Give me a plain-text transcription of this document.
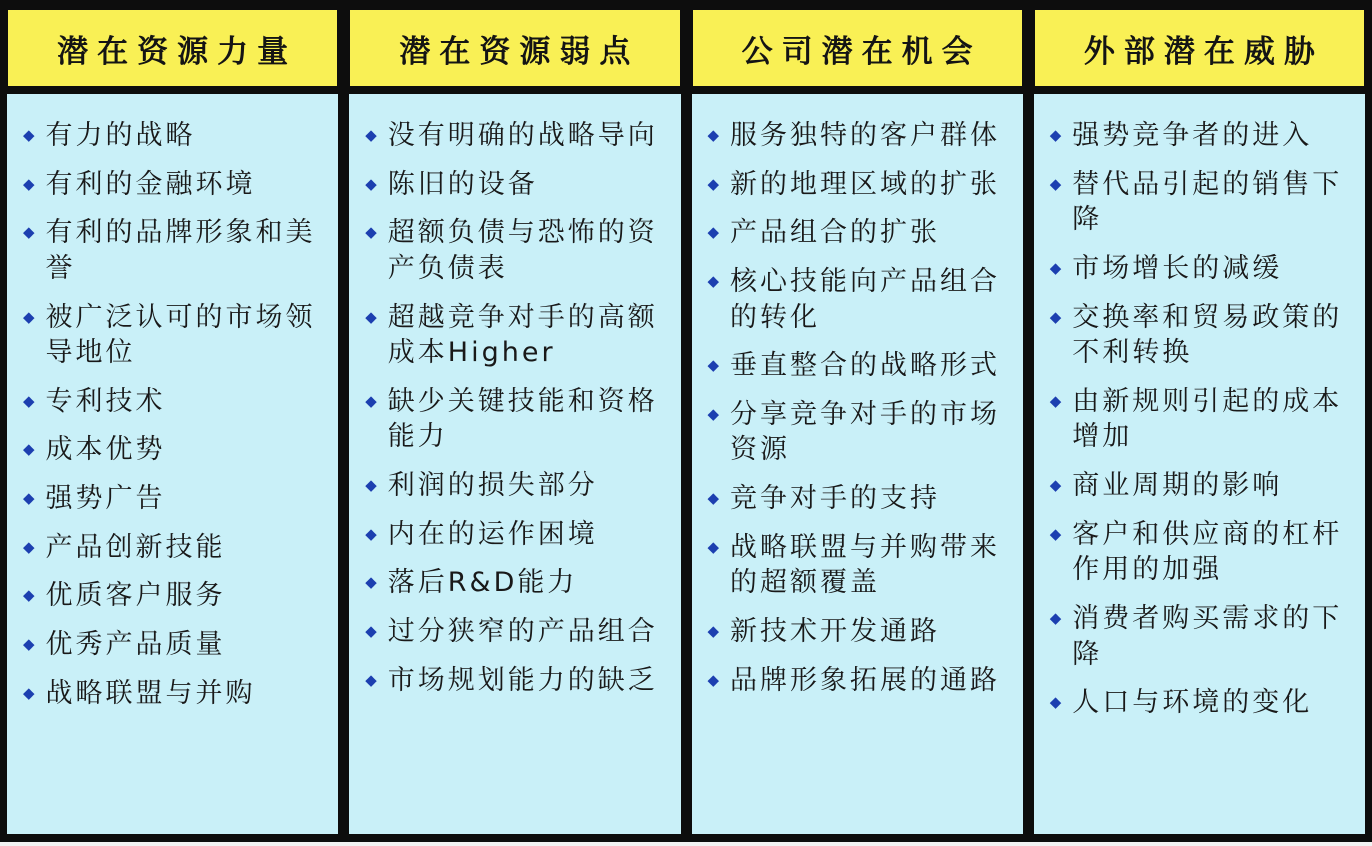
潜在资源力量
◆ 有力的战略
◆ 有利的金融环境
◆ 有利的品牌形象和美誉
◆ 被广泛认可的市场领导地位
◆ 专利技术
◆ 成本优势
◆ 强势广告
◆ 产品创新技能
◆ 优质客户服务
◆ 优秀产品质量
◆ 战略联盟与并购
潜在资源弱点
◆ 没有明确的战略导向
◆ 陈旧的设备
◆ 超额负债与恐怖的资产负债表
◆ 超越竞争对手的高额成本Higher
◆ 缺少关键技能和资格能力
◆ 利润的损失部分
◆ 内在的运作困境
◆ 落后R&D能力
◆ 过分狭窄的产品组合
◆ 市场规划能力的缺乏
公司潜在机会
◆ 服务独特的客户群体
◆ 新的地理区域的扩张
◆ 产品组合的扩张
◆ 核心技能向产品组合的转化
◆ 垂直整合的战略形式
◆ 分享竞争对手的市场资源
◆ 竞争对手的支持
◆ 战略联盟与并购带来的超额覆盖
◆ 新技术开发通路
◆ 品牌形象拓展的通路
外部潜在威胁
◆ 强势竞争者的进入
◆ 替代品引起的销售下降
◆ 市场增长的减缓
◆ 交换率和贸易政策的不利转换
◆ 由新规则引起的成本增加
◆ 商业周期的影响
◆ 客户和供应商的杠杆作用的加强
◆ 消费者购买需求的下降
◆ 人口与环境的变化
